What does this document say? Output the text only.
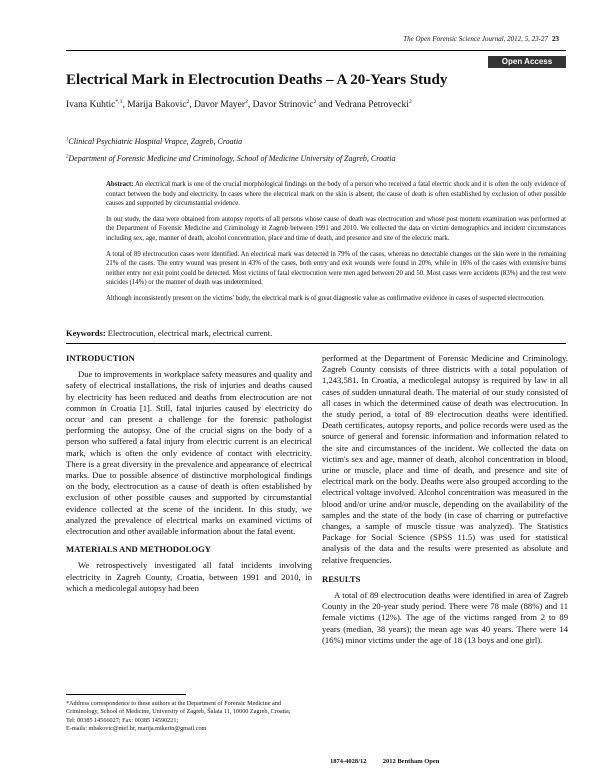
The Open Forensic Science Journal, 2012, 5, 23-27 23
Open Access
Electrical Mark in Electrocution Deaths – A 20-Years Study
Ivana Kuhtic$^{*,1}$, Marija Bakovic$^2$, Davor Mayer$^2$, Davor Strinovic$^2$ and Vedrana Petrovecki$^2$
$^1$Clinical Psychiatric Hospital Vrapce, Zagreb, Croatia
$^2$Department of Forensic Medicine and Criminology, School of Medicine University of Zagreb, Croatia

Abstract: An electrical mark is one of the crucial morphological findings on the body of a person who received a fatal electric shock and it is often the only evidence of contact between the body and electricity. In cases where the electrical mark on the skin is absent, the cause of death is often established by exclusion of other possible causes and supported by circumstantial evidence.

In our study, the data were obtained from autopsy reports of all persons whose cause of death was electrocution and whose post mortem examination was performed at the Department of Forensic Medicine and Criminology in Zagreb between 1991 and 2010. We collected the data on victim demographics and incident circumstances including sex, age, manner of death, alcohol concentration, place and time of death, and presence and site of the electric mark.

A total of 89 electrocution cases were identified. An electrical mark was detected in 79% of the cases, whereas no detectable changes on the skin were in the remaining 21% of the cases. The entry wound was present in 43% of the cases, both entry and exit wounds were found in 20%, while in 16% of the cases with extensive burns neither entry nor exit point could be detected. Most victims of fatal electrocution were men aged between 20 and 50. Most cases were accidents (83%) and the rest were suicides (14%) or the manner of death was undetermined.

Although inconsistently present on the victims' body, the electrical mark is of great diagnostic value as confirmative evidence in cases of suspected electrocution.

Keywords: Electrocution, electrical mark, electrical current.
INTRODUCTION

Due to improvements in workplace safety measures and quality and safety of electrical installations, the risk of injuries and deaths caused by electricity has been reduced and deaths from electrocution are not common in Croatia [1]. Still, fatal injuries caused by electricity do occur and can present a challenge for the forensic pathologist performing the autopsy. One of the crucial signs on the body of a person who suffered a fatal injury from electric current is an electrical mark, which is often the only evidence of contact with electricity. There is a great diversity in the prevalence and appearance of electrical marks. Due to possible absence of distinctive morphological findings on the body, electrocution as a cause of death is often established by exclusion of other possible causes and supported by circumstantial evidence collected at the scene of the incident. In this study, we analyzed the prevalence of electrical marks on examined victims of electrocution and other available information about the fatal event.

MATERIALS AND METHODOLOGY

We retrospectively investigated all fatal incidents involving electricity in Zagreb County, Croatia, between 1991 and 2010, in which a medicolegal autopsy had been

performed at the Department of Forensic Medicine and Criminology. Zagreb County consists of three districts with a total population of 1,243,581. In Croatia, a medicolegal autopsy is required by law in all cases of sudden unnatural death. The material of our study consisted of all cases in which the determined cause of death was electrocution. In the study period, a total of 89 electrocution deaths were identified. Death certificates, autopsy reports, and police records were used as the source of general and forensic information and information related to the site and circumstances of the incident. We collected the data on victim's sex and age, manner of death, alcohol concentration in blood, urine or muscle, place and time of death, and presence and site of electrical mark on the body. Deaths were also grouped according to the electrical voltage involved. Alcohol concentration was measured in the blood and/or urine and/or muscle, depending on the availability of the samples and the state of the body (in case of charring or putrefactive changes, a sample of muscle tissue was analyzed). The Statistics Package for Social Science (SPSS 11.5) was used for statistical analysis of the data and the results were presented as absolute and relative frequencies.

RESULTS

A total of 89 electrocution deaths were identified in area of Zagreb County in the 20-year study period. There were 78 male (88%) and 11 female victims (12%). The age of the victims ranged from 2 to 89 years (median, 38 years); the mean age was 40 years. There were 14 (16%) minor victims under the age of 18 (13 boys and one girl).

*Address correspondence to these authors at the Department of Forensic Medicine and Criminology, School of Medicine, University of Zagreb, Šalata 11, 10000 Zagreb, Croatia;
Tel: 00385 14566027; Fax: 00385 14590221;
E-mails: mbakovic@mef.hr, marija.mikerin@gmail.com
1874-4028/12          2012 Bentham Open
